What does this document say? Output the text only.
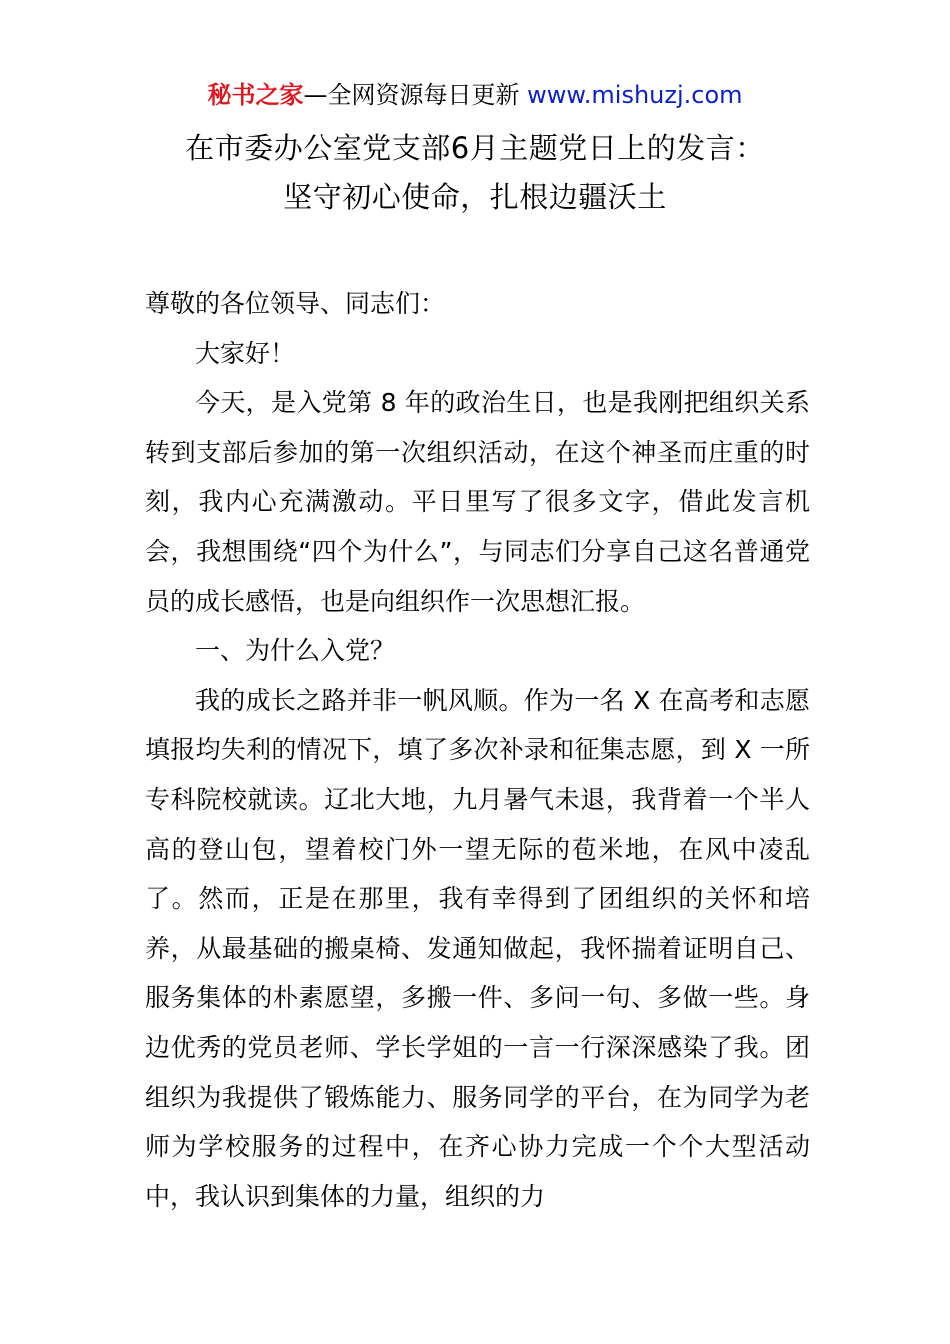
秘书之家—全网资源每日更新 www.mishuzj.com
在市委办公室党支部6月主题党日上的发言：
坚守初心使命，扎根边疆沃土

尊敬的各位领导、同志们：

大家好！

今天，是入党第 8 年的政治生日，也是我刚把组织关系转到支部后参加的第一次组织活动，在这个神圣而庄重的时刻，我内心充满激动。平日里写了很多文字，借此发言机会，我想围绕“四个为什么”，与同志们分享自己这名普通党员的成长感悟，也是向组织作一次思想汇报。

一、为什么入党？

我的成长之路并非一帆风顺。作为一名 X 在高考和志愿填报均失利的情况下，填了多次补录和征集志愿，到 X 一所专科院校就读。辽北大地，九月暑气未退，我背着一个半人高的登山包，望着校门外一望无际的苞米地，在风中凌乱了。然而，正是在那里，我有幸得到了团组织的关怀和培养，从最基础的搬桌椅、发通知做起，我怀揣着证明自己、服务集体的朴素愿望，多搬一件、多问一句、多做一些。身边优秀的党员老师、学长学姐的一言一行深深感染了我。团组织为我提供了锻炼能力、服务同学的平台，在为同学为老师为学校服务的过程中，在齐心协力完成一个个大型活动中，我认识到集体的力量，组织的力
